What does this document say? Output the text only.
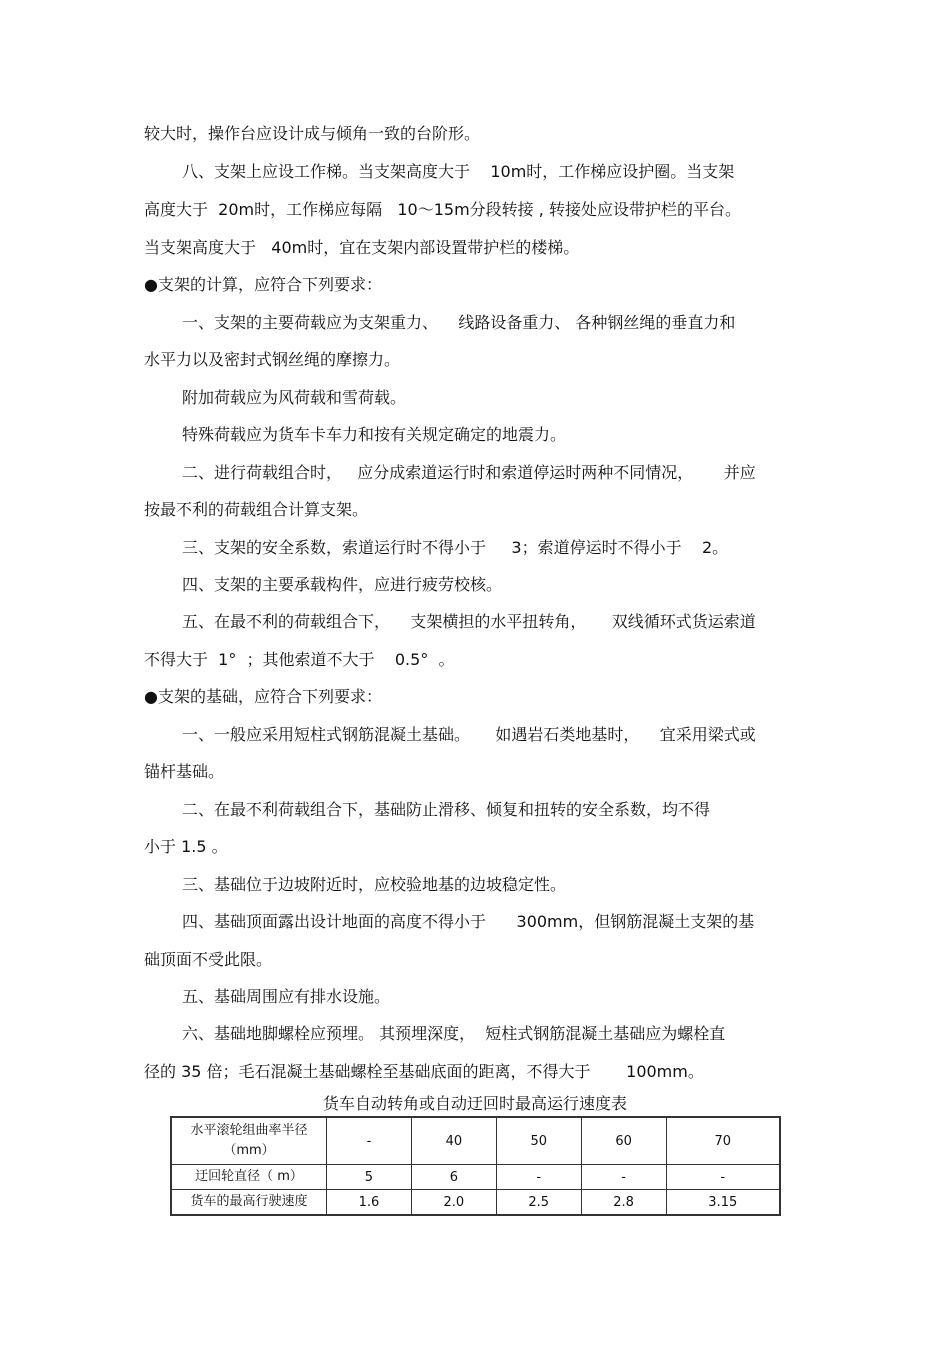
较大时，操作台应设计成与倾角一致的台阶形。
八、支架上应设工作梯。当支架高度大于    10m时，工作梯应设护圈。当支架
高度大于  20m时，工作梯应每隔   10～15m分段转接 , 转接处应设带护栏的平台。
当支架高度大于   40m时，宜在支架内部设置带护栏的楼梯。
●支架的计算，应符合下列要求：
一、支架的主要荷载应为支架重力、    线路设备重力、 各种钢丝绳的垂直力和
水平力以及密封式钢丝绳的摩擦力。
附加荷载应为风荷载和雪荷载。
特殊荷载应为货车卡车力和按有关规定确定的地震力。
二、进行荷载组合时，   应分成索道运行时和索道停运时两种不同情况，      并应
按最不利的荷载组合计算支架。
三、支架的安全系数，索道运行时不得小于     3；索道停运时不得小于    2。
四、支架的主要承载构件，应进行疲劳校核。
五、在最不利的荷载组合下，    支架横担的水平扭转角，     双线循环式货运索道
不得大于  1°  ；其他索道不大于    0.5°  。
●支架的基础，应符合下列要求：
一、一般应采用短柱式钢筋混凝土基础。     如遇岩石类地基时，    宜采用梁式或
锚杆基础。
二、在最不利荷载组合下，基础防止滑移、倾复和扭转的安全系数，均不得
小于 1.5 。
三、基础位于边坡附近时，应校验地基的边坡稳定性。
四、基础顶面露出设计地面的高度不得小于      300mm，但钢筋混凝土支架的基
础顶面不受此限。
五、基础周围应有排水设施。
六、基础地脚螺栓应预埋。 其预埋深度，  短柱式钢筋混凝土基础应为螺栓直
径的 35 倍；毛石混凝土基础螺栓至基础底面的距离，不得大于       100mm。
货车自动转角或自动迂回时最高运行速度表
水平滚轮组曲率半径（mm）	-	40	50	60	70
迂回轮直径（ m）	5	6	-	-	-
货车的最高行驶速度	1.6	2.0	2.5	2.8	3.15
